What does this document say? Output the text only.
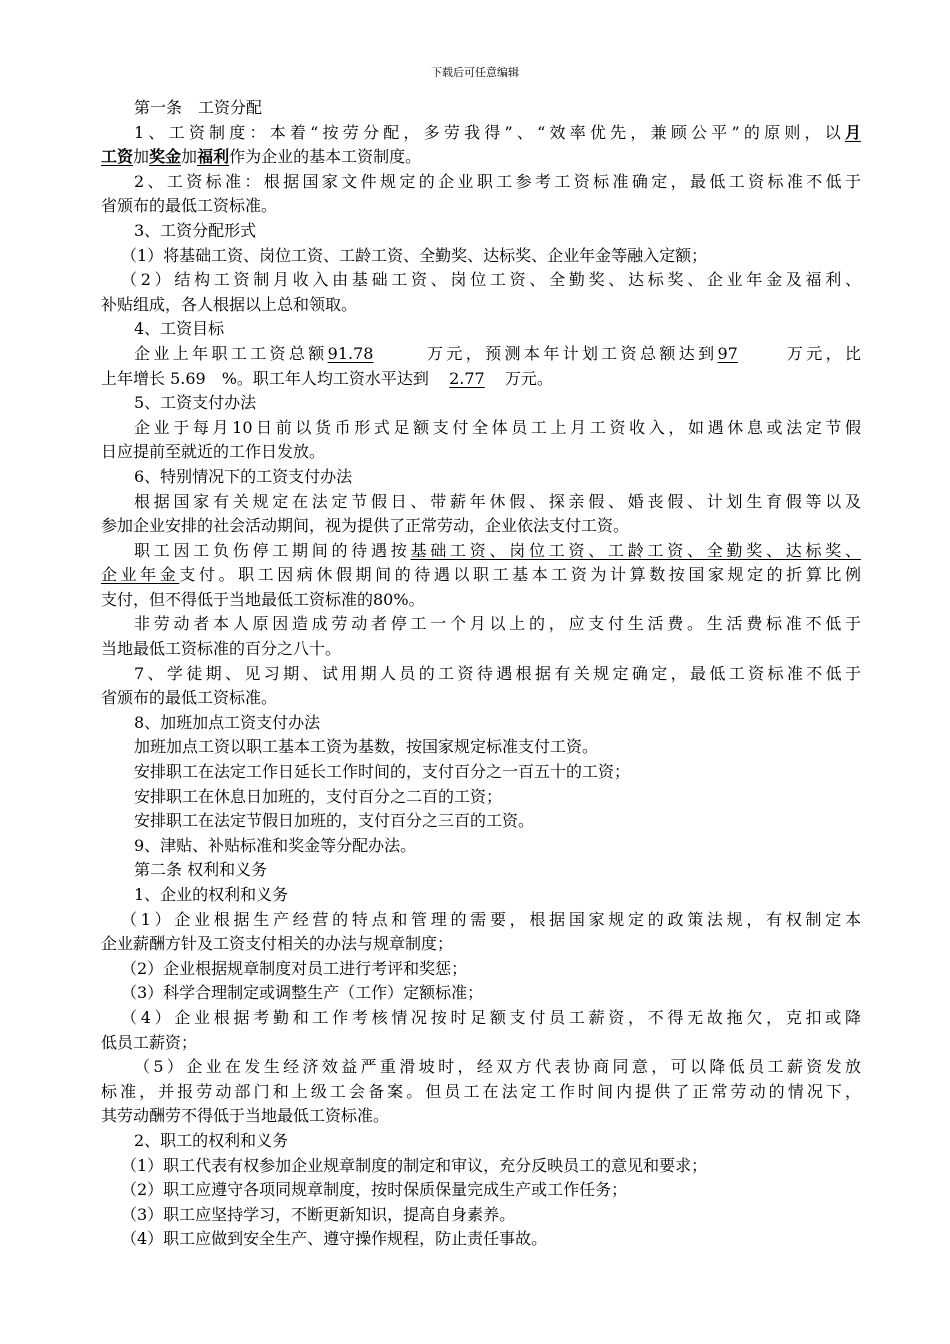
下载后可任意编辑
第一条　工资分配
1、工资制度：本着“按劳分配，多劳我得”、“效率优先，兼顾公平”的原则，以月
工资加奖金加福利作为企业的基本工资制度。
2、工资标准：根据国家文件规定的企业职工参考工资标准确定，最低工资标准不低于
省颁布的最低工资标准。
3、工资分配形式
（1）将基础工资、岗位工资、工龄工资、全勤奖、达标奖、企业年金等融入定额；
（2）结构工资制月收入由基础工资、岗位工资、全勤奖、达标奖、企业年金及福利、
补贴组成，各人根据以上总和领取。
4、工资目标
企业上年职工工资总额91.78	万元，预测本年计划工资总额达到97	万元，比
上年增长 5.69　%。职工年人均工资水平达到 2.77 万元。
5、工资支付办法
企业于每月10日前以货币形式足额支付全体员工上月工资收入，如遇休息或法定节假
日应提前至就近的工作日发放。
6、特别情况下的工资支付办法
根据国家有关规定在法定节假日、带薪年休假、探亲假、婚丧假、计划生育假等以及
参加企业安排的社会活动期间，视为提供了正常劳动，企业依法支付工资。
职工因工负伤停工期间的待遇按基础工资、岗位工资、工龄工资、全勤奖、达标奖、
企业年金支付。职工因病休假期间的待遇以职工基本工资为计算数按国家规定的折算比例
支付，但不得低于当地最低工资标准的80%。
非劳动者本人原因造成劳动者停工一个月以上的，应支付生活费。生活费标准不低于
当地最低工资标准的百分之八十。
7、学徒期、见习期、试用期人员的工资待遇根据有关规定确定，最低工资标准不低于
省颁布的最低工资标准。
8、加班加点工资支付办法
加班加点工资以职工基本工资为基数，按国家规定标准支付工资。
安排职工在法定工作日延长工作时间的，支付百分之一百五十的工资；
安排职工在休息日加班的，支付百分之二百的工资；
安排职工在法定节假日加班的，支付百分之三百的工资。
9、津贴、补贴标准和奖金等分配办法。
第二条 权利和义务
1、企业的权利和义务
（1）企业根据生产经营的特点和管理的需要，根据国家规定的政策法规，有权制定本
企业薪酬方针及工资支付相关的办法与规章制度；
（2）企业根据规章制度对员工进行考评和奖惩；
（3）科学合理制定或调整生产（工作）定额标准；
（4）企业根据考勤和工作考核情况按时足额支付员工薪资，不得无故拖欠，克扣或降
低员工薪资；
（5）企业在发生经济效益严重滑坡时，经双方代表协商同意，可以降低员工薪资发放
标准，并报劳动部门和上级工会备案。但员工在法定工作时间内提供了正常劳动的情况下，
其劳动酬劳不得低于当地最低工资标准。
2、职工的权利和义务
（1）职工代表有权参加企业规章制度的制定和审议，充分反映员工的意见和要求；
（2）职工应遵守各项同规章制度，按时保质保量完成生产或工作任务；
（3）职工应坚持学习，不断更新知识，提高自身素养。
（4）职工应做到安全生产、遵守操作规程，防止责任事故。
